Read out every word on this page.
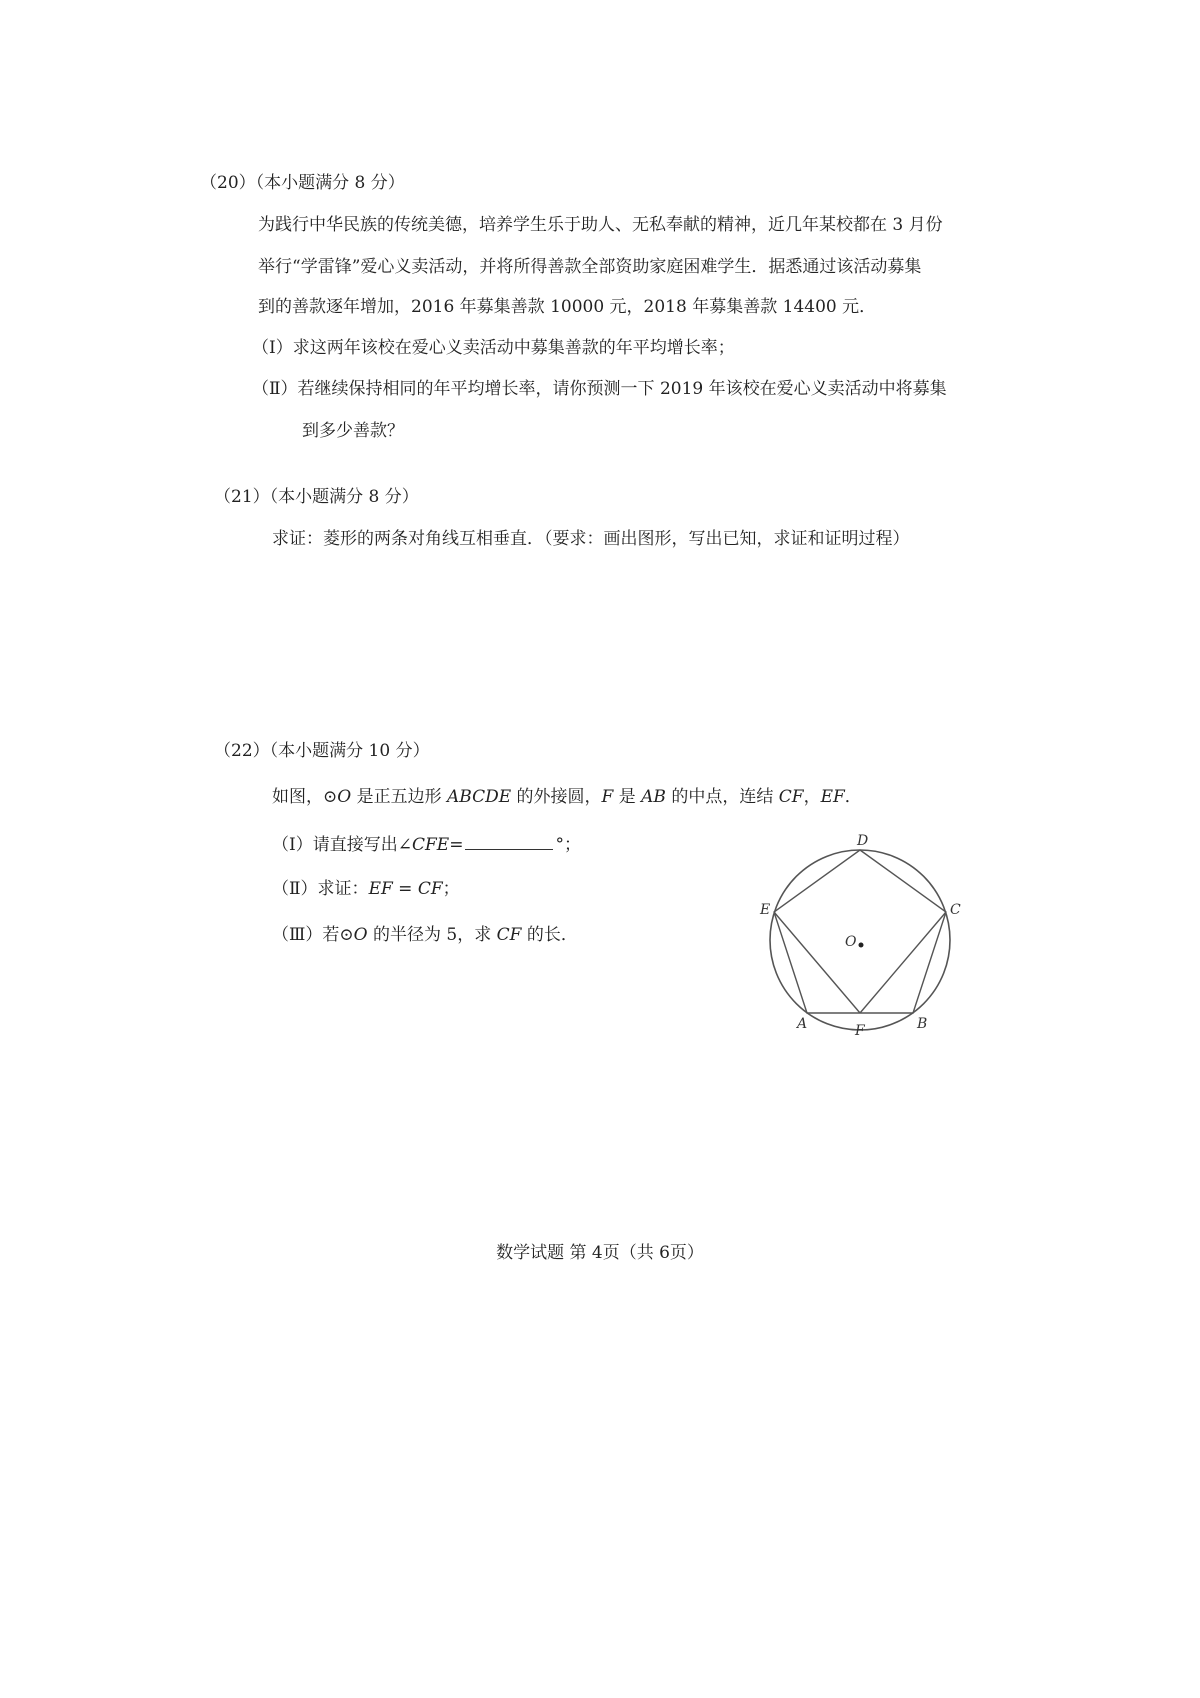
（20）（本小题满分 8 分）
为践行中华民族的传统美德，培养学生乐于助人、无私奉献的精神，近几年某校都在 3 月份
举行“学雷锋”爱心义卖活动，并将所得善款全部资助家庭困难学生．据悉通过该活动募集
到的善款逐年增加，2016 年募集善款 10000 元，2018 年募集善款 14400 元．
（Ⅰ）求这两年该校在爱心义卖活动中募集善款的年平均增长率；
（Ⅱ）若继续保持相同的年平均增长率，请你预测一下 2019 年该校在爱心义卖活动中将募集
到多少善款？
（21）（本小题满分 8 分）
求证：菱形的两条对角线互相垂直．（要求：画出图形，写出已知，求证和证明过程）
（22）（本小题满分 10 分）
如图，⊙O 是正五边形 ABCDE 的外接圆，F 是 AB 的中点，连结 CF，EF．
（Ⅰ）请直接写出∠CFE=	°；
（Ⅱ）求证：EF = CF；
（Ⅲ）若⊙O 的半径为 5，求 CF 的长．
D
C
E
O
A	B
F
数学试题 第 4页（共 6页）
